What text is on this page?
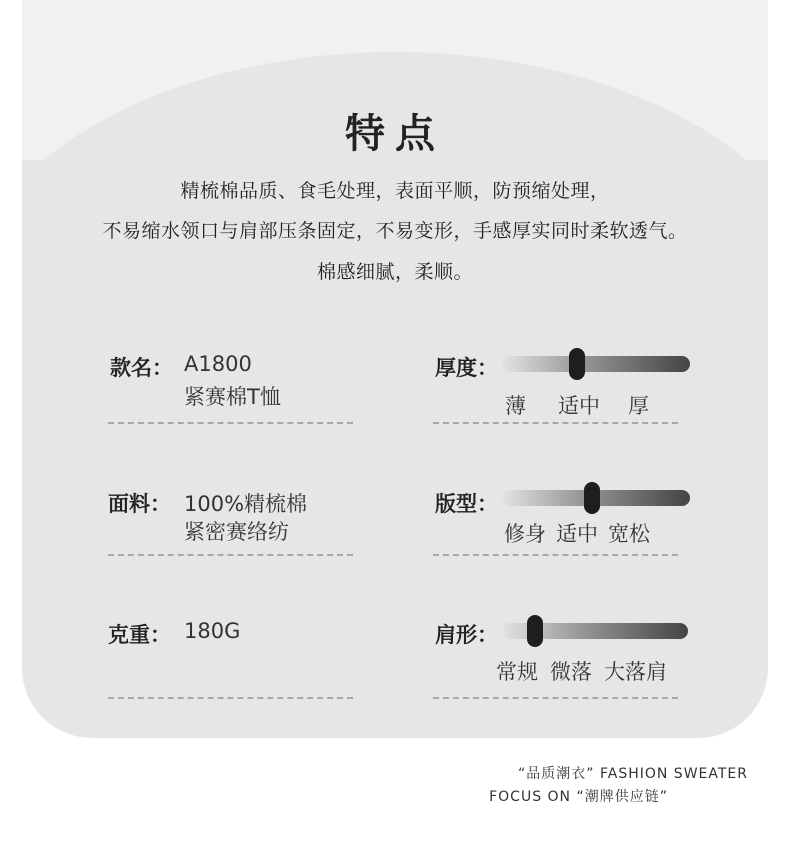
特点
精梳棉品质、食毛处理，表面平顺，防预缩处理，
不易缩水领口与肩部压条固定，不易变形，手感厚实同时柔软透气。
棉感细腻，柔顺。
款名： A1800
紧赛棉T恤
面料： 100%精梳棉
紧密赛络纺
克重： 180G
厚度：
薄 适中 厚
版型：
修身 适中 宽松
肩形：
常规 微落 大落肩
“品质潮衣” FASHION SWEATER
FOCUS ON “潮牌供应链”
